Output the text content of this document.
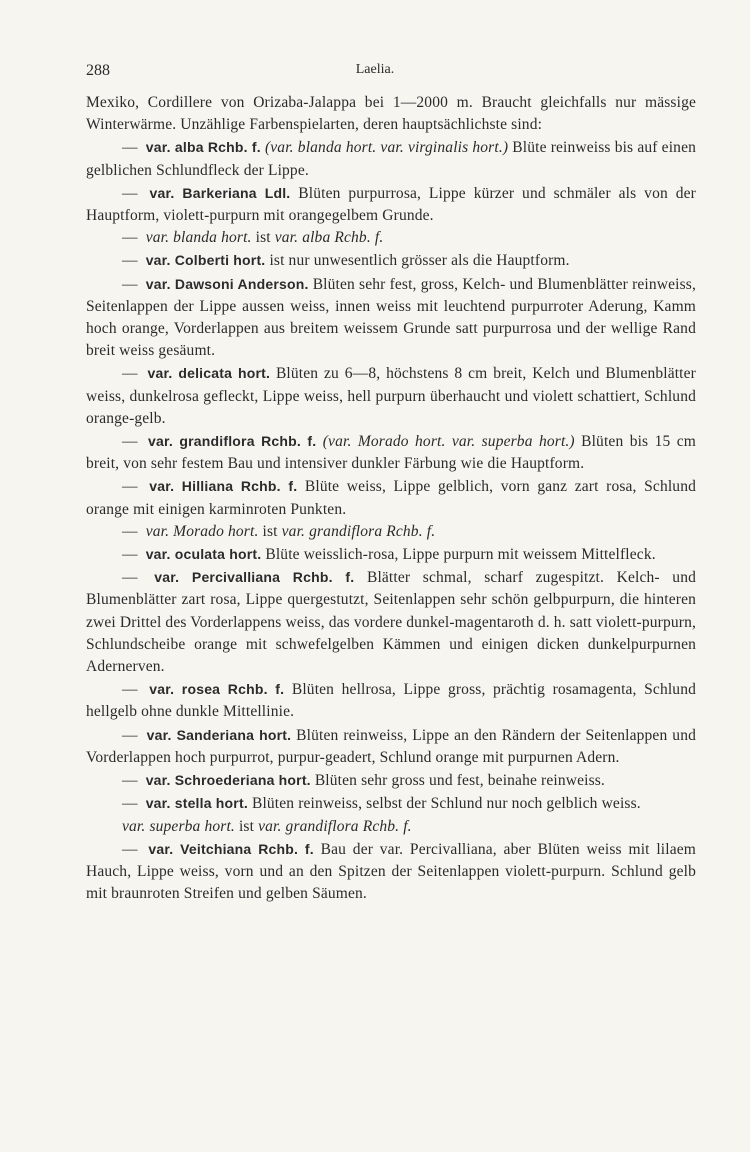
288	Laelia.

Mexiko, Cordillere von Orizaba-Jalappa bei 1—2000 m. Braucht gleichfalls nur mässige Winterwärme. Unzählige Farbenspielarten, deren hauptsächlichste sind:

— var. alba Rchb. f. (var. blanda hort. var. virginalis hort.) Blüte reinweiss bis auf einen gelblichen Schlundfleck der Lippe.

— var. Barkeriana Ldl. Blüten purpurrosa, Lippe kürzer und schmäler als von der Hauptform, violett-purpurn mit orangegelbem Grunde.

— var. blanda hort. ist var. alba Rchb. f.

— var. Colberti hort. ist nur unwesentlich grösser als die Hauptform.

— var. Dawsoni Anderson. Blüten sehr fest, gross, Kelch- und Blumenblätter reinweiss, Seitenlappen der Lippe aussen weiss, innen weiss mit leuchtend purpurroter Aderung, Kamm hoch orange, Vorderlappen aus breitem weissem Grunde satt purpurrosa und der wellige Rand breit weiss gesäumt.

— var. delicata hort. Blüten zu 6—8, höchstens 8 cm breit, Kelch und Blumenblätter weiss, dunkelrosa gefleckt, Lippe weiss, hell purpurn überhaucht und violett schattiert, Schlund orange-gelb.

— var. grandiflora Rchb. f. (var. Morado hort. var. superba hort.) Blüten bis 15 cm breit, von sehr festem Bau und intensiver dunkler Färbung wie die Hauptform.

— var. Hilliana Rchb. f. Blüte weiss, Lippe gelblich, vorn ganz zart rosa, Schlund orange mit einigen karminroten Punkten.

— var. Morado hort. ist var. grandiflora Rchb. f.

— var. oculata hort. Blüte weisslich-rosa, Lippe purpurn mit weissem Mittelfleck.

— var. Percivalliana Rchb. f. Blätter schmal, scharf zugespitzt. Kelch- und Blumenblätter zart rosa, Lippe quergestutzt, Seitenlappen sehr schön gelbpurpurn, die hinteren zwei Drittel des Vorderlappens weiss, das vordere dunkel-magentaroth d. h. satt violett-purpurn, Schlundscheibe orange mit schwefelgelben Kämmen und einigen dicken dunkelpurpurnen Adernerven.

— var. rosea Rchb. f. Blüten hellrosa, Lippe gross, prächtig rosamagenta, Schlund hellgelb ohne dunkle Mittellinie.

— var. Sanderiana hort. Blüten reinweiss, Lippe an den Rändern der Seitenlappen und Vorderlappen hoch purpurrot, purpur-geadert, Schlund orange mit purpurnen Adern.

— var. Schroederiana hort. Blüten sehr gross und fest, beinahe reinweiss.

— var. stella hort. Blüten reinweiss, selbst der Schlund nur noch gelblich weiss.

var. superba hort. ist var. grandiflora Rchb. f.

— var. Veitchiana Rchb. f. Bau der var. Percivalliana, aber Blüten weiss mit lilaem Hauch, Lippe weiss, vorn und an den Spitzen der Seitenlappen violett-purpurn. Schlund gelb mit braunroten Streifen und gelben Säumen.
